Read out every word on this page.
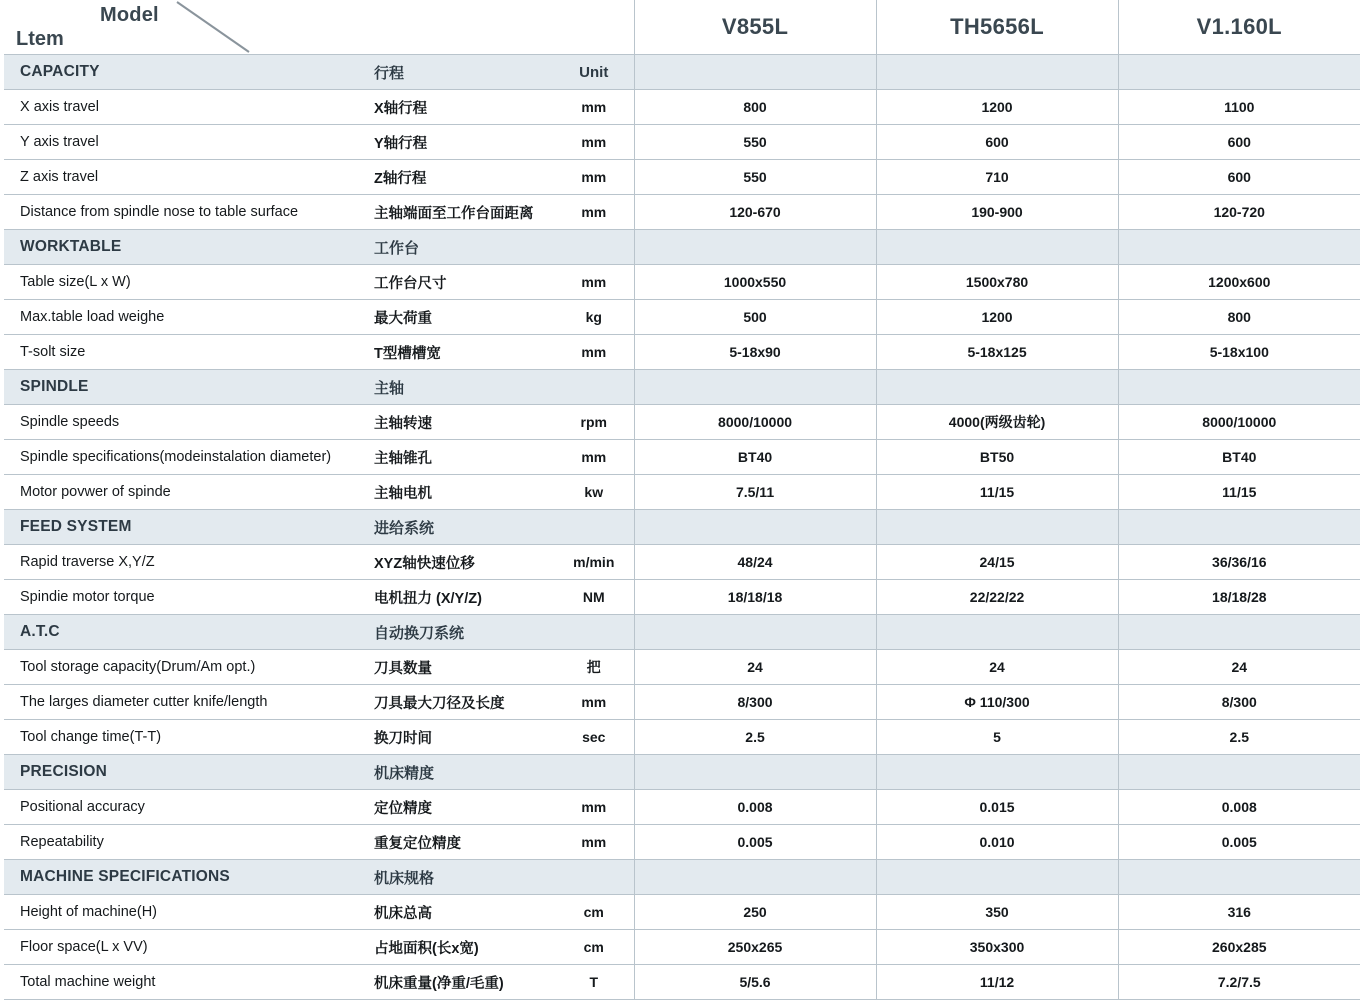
Model
Ltem			V855L	TH5656L	V1.160L
CAPACITY	行程	Unit			
X axis travel	X轴行程	mm	800	1200	1100
Y axis travel	Y轴行程	mm	550	600	600
Z axis travel	Z轴行程	mm	550	710	600
Distance from spindle nose to table surface	主轴端面至工作台面距离	mm	120-670	190-900	120-720
WORKTABLE	工作台				
Table size(L x W)	工作台尺寸	mm	1000x550	1500x780	1200x600
Max.table load weighe	最大荷重	kg	500	1200	800
T-solt size	T型槽槽宽	mm	5-18x90	5-18x125	5-18x100
SPINDLE	主轴				
Spindle speeds	主轴转速	rpm	8000/10000	4000(两级齿轮)	8000/10000
Spindle specifications(modeinstalation diameter)	主轴锥孔	mm	BT40	BT50	BT40
Motor povwer of spinde	主轴电机	kw	7.5/11	11/15	11/15
FEED SYSTEM	进给系统				
Rapid traverse X,Y/Z	XYZ轴快速位移	m/min	48/24	24/15	36/36/16
Spindie motor torque	电机扭力 (X/Y/Z)	NM	18/18/18	22/22/22	18/18/28
A.T.C	自动换刀系统				
Tool storage capacity(Drum/Am opt.)	刀具数量	把	24	24	24
The larges diameter cutter knife/length	刀具最大刀径及长度	mm	8/300	Φ 110/300	8/300
Tool change time(T-T)	换刀时间	sec	2.5	5	2.5
PRECISION	机床精度				
Positional accuracy	定位精度	mm	0.008	0.015	0.008
Repeatability	重复定位精度	mm	0.005	0.010	0.005
MACHINE SPECIFICATIONS	机床规格				
Height of machine(H)	机床总高	cm	250	350	316
Floor space(L x VV)	占地面积(长x宽)	cm	250x265	350x300	260x285
Total machine weight	机床重量(净重/毛重)	T	5/5.6	11/12	7.2/7.5
